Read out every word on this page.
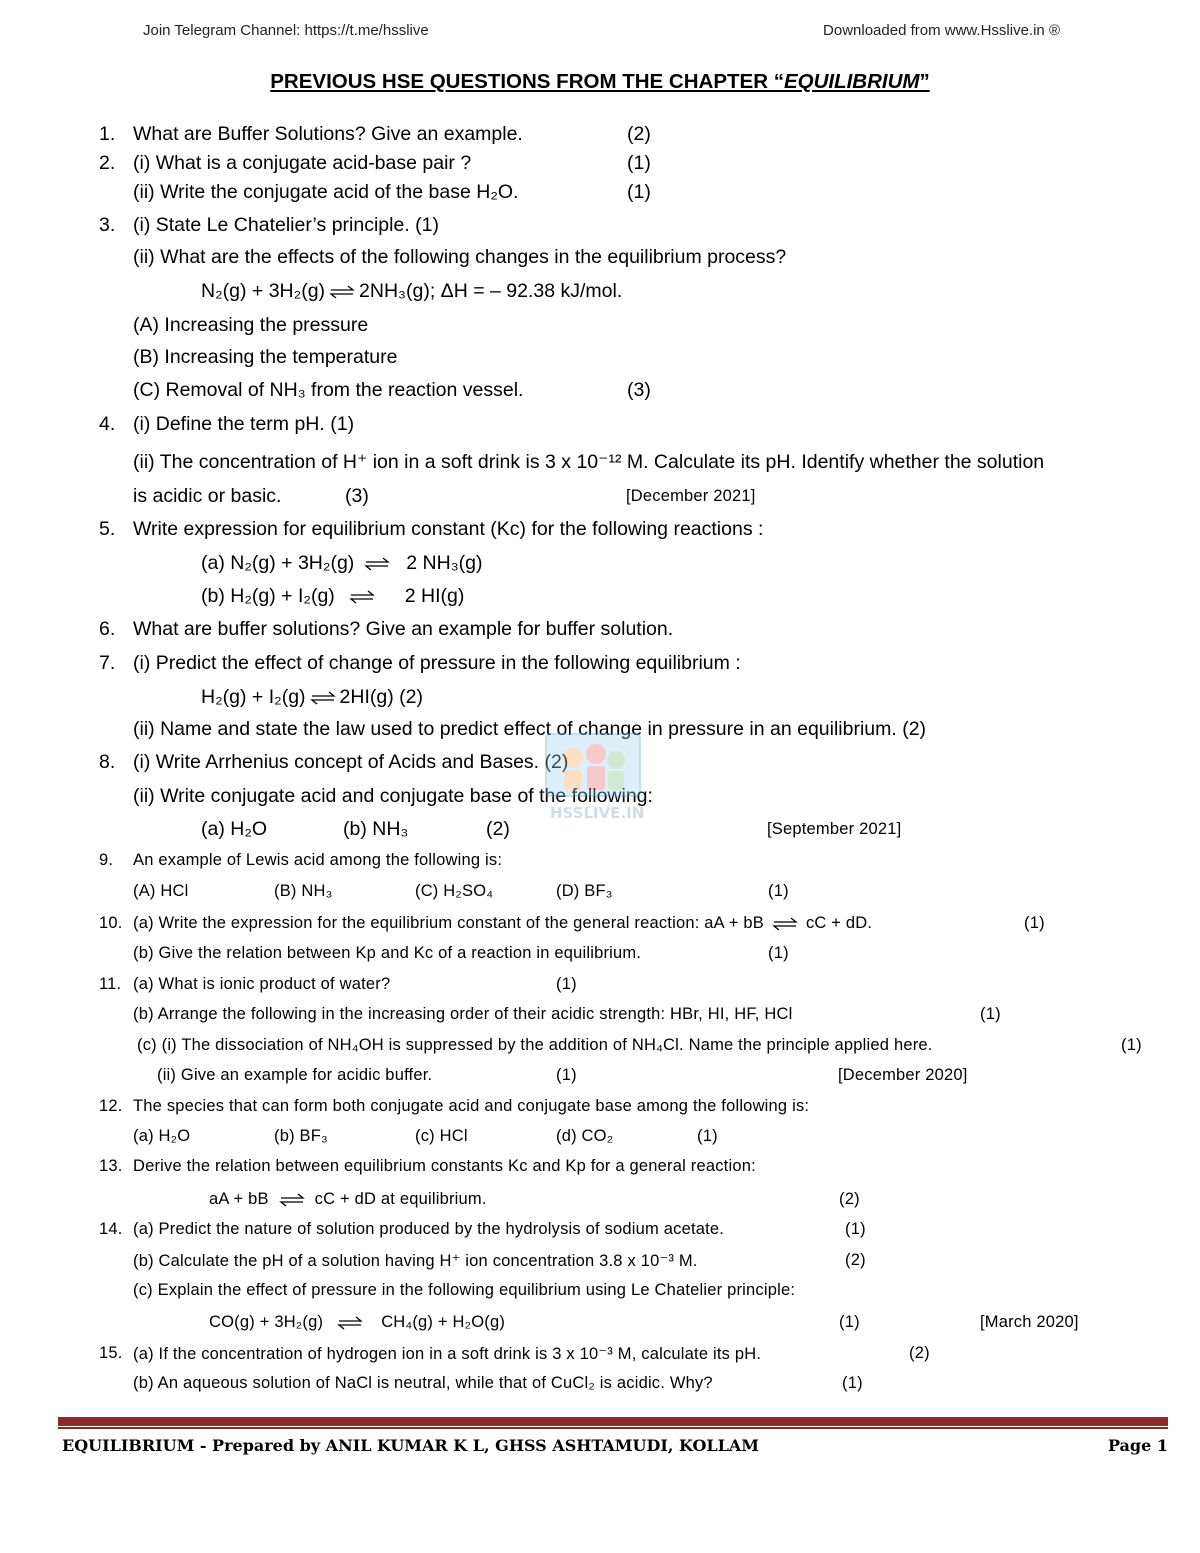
Join Telegram Channel: https://t.me/hsslive	Downloaded from www.Hsslive.in ®
PREVIOUS HSE QUESTIONS FROM THE CHAPTER “EQUILIBRIUM”
1. What are Buffer Solutions? Give an example.	(2)
2. (i) What is a conjugate acid-base pair ?	(1)
(ii) Write the conjugate acid of the base H₂O.	(1)
3. (i) State Le Chatelier’s principle. (1)
(ii) What are the effects of the following changes in the equilibrium process?
N₂(g) + 3H₂(g) ⇌ 2NH₃(g); ΔH = – 92.38 kJ/mol.
(A) Increasing the pressure
(B) Increasing the temperature
(C) Removal of NH₃ from the reaction vessel.	(3)
4. (i) Define the term pH. (1)
(ii) The concentration of H⁺ ion in a soft drink is 3 x 10⁻¹² M. Calculate its pH. Identify whether the solution
is acidic or basic.	(3)	[December 2021]
5. Write expression for equilibrium constant (Kc) for the following reactions :
(a) N₂(g) + 3H₂(g) ⇌ 2 NH₃(g)
(b) H₂(g) + I₂(g) ⇌ 2 HI(g)
6. What are buffer solutions? Give an example for buffer solution.
7. (i) Predict the effect of change of pressure in the following equilibrium :
H₂(g) + I₂(g) ⇌ 2HI(g) (2)
(ii) Name and state the law used to predict effect of change in pressure in an equilibrium. (2)
8. (i) Write Arrhenius concept of Acids and Bases. (2)
(ii) Write conjugate acid and conjugate base of the following:
(a) H₂O	(b) NH₃	(2)	[September 2021]
9. An example of Lewis acid among the following is:
(A) HCl	(B) NH₃	(C) H₂SO₄	(D) BF₃	(1)
10. (a) Write the expression for the equilibrium constant of the general reaction: aA + bB ⇌ cC + dD.	(1)
(b) Give the relation between Kp and Kc of a reaction in equilibrium.	(1)
11. (a) What is ionic product of water?	(1)
(b) Arrange the following in the increasing order of their acidic strength: HBr, HI, HF, HCl	(1)
(c) (i) The dissociation of NH₄OH is suppressed by the addition of NH₄Cl. Name the principle applied here.	(1)
(ii) Give an example for acidic buffer.	(1)	[December 2020]
12. The species that can form both conjugate acid and conjugate base among the following is:
(a) H₂O	(b) BF₃	(c) HCl	(d) CO₂	(1)
13. Derive the relation between equilibrium constants Kc and Kp for a general reaction:
aA + bB ⇌ cC + dD at equilibrium.	(2)
14. (a) Predict the nature of solution produced by the hydrolysis of sodium acetate.	(1)
(b) Calculate the pH of a solution having H⁺ ion concentration 3.8 x 10⁻³ M.	(2)
(c) Explain the effect of pressure in the following equilibrium using Le Chatelier principle:
CO(g) + 3H₂(g) ⇌ CH₄(g) + H₂O(g)	(1)	[March 2020]
15. (a) If the concentration of hydrogen ion in a soft drink is 3 x 10⁻³ M, calculate its pH.	(2)
(b) An aqueous solution of NaCl is neutral, while that of CuCl₂ is acidic. Why?	(1)
HSSLIVE.IN
EQUILIBRIUM - Prepared by ANIL KUMAR K L, GHSS ASHTAMUDI, KOLLAM	Page 1
